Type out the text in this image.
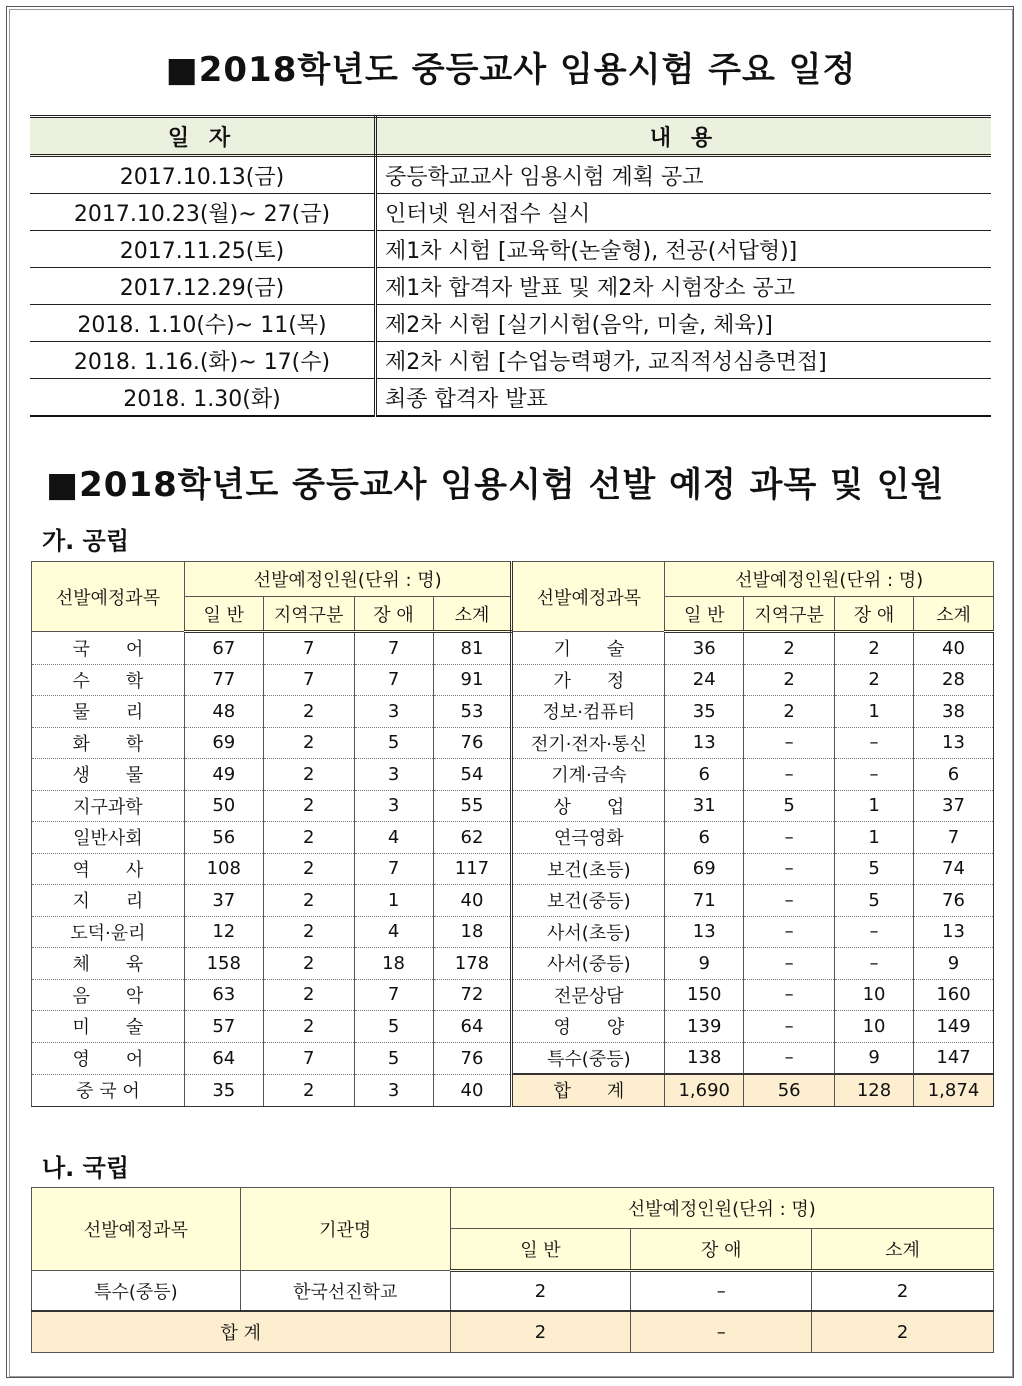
■2018학년도 중등교사 임용시험 주요 일정
일 자	내 용
2017.10.13(금)	중등학교교사 임용시험 계획 공고
2017.10.23(월)~ 27(금)	인터넷 원서접수 실시
2017.11.25(토)	제1차 시험 [교육학(논술형), 전공(서답형)]
2017.12.29(금)	제1차 합격자 발표 및 제2차 시험장소 공고
2018. 1.10(수)~ 11(목)	제2차 시험 [실기시험(음악, 미술, 체육)]
2018. 1.16.(화)~ 17(수)	제2차 시험 [수업능력평가, 교직적성심층면접]
2018. 1.30(화)	최종 합격자 발표
■2018학년도 중등교사 임용시험 선발 예정 과목 및 인원
가. 공립
선발예정과목	선발예정인원(단위 : 명)				선발예정과목	선발예정인원(단위 : 명)			
	일 반	지역구분	장 애	소계		일 반	지역구분	장 애	소계
국　　어	67	7	7	81	기　　술	36	2	2	40
수　　학	77	7	7	91	가　　정	24	2	2	28
물　　리	48	2	3	53	정보·컴퓨터	35	2	1	38
화　　학	69	2	5	76	전기·전자·통신	13	–	–	13
생　　물	49	2	3	54	기계·금속	6	–	–	6
지구과학	50	2	3	55	상　　업	31	5	1	37
일반사회	56	2	4	62	연극영화	6	–	1	7
역　　사	108	2	7	117	보건(초등)	69	–	5	74
지　　리	37	2	1	40	보건(중등)	71	–	5	76
도덕·윤리	12	2	4	18	사서(초등)	13	–	–	13
체　　육	158	2	18	178	사서(중등)	9	–	–	9
음　　악	63	2	7	72	전문상담	150	–	10	160
미　　술	57	2	5	64	영　　양	139	–	10	149
영　　어	64	7	5	76	특수(중등)	138	–	9	147
중 국 어	35	2	3	40	합　　계	1,690	56	128	1,874
나. 국립
선발예정과목	기관명	선발예정인원(단위 : 명)		
		일 반	장 애	소계
특수(중등)	한국선진학교	2	–	2
합 계		2	–	2
